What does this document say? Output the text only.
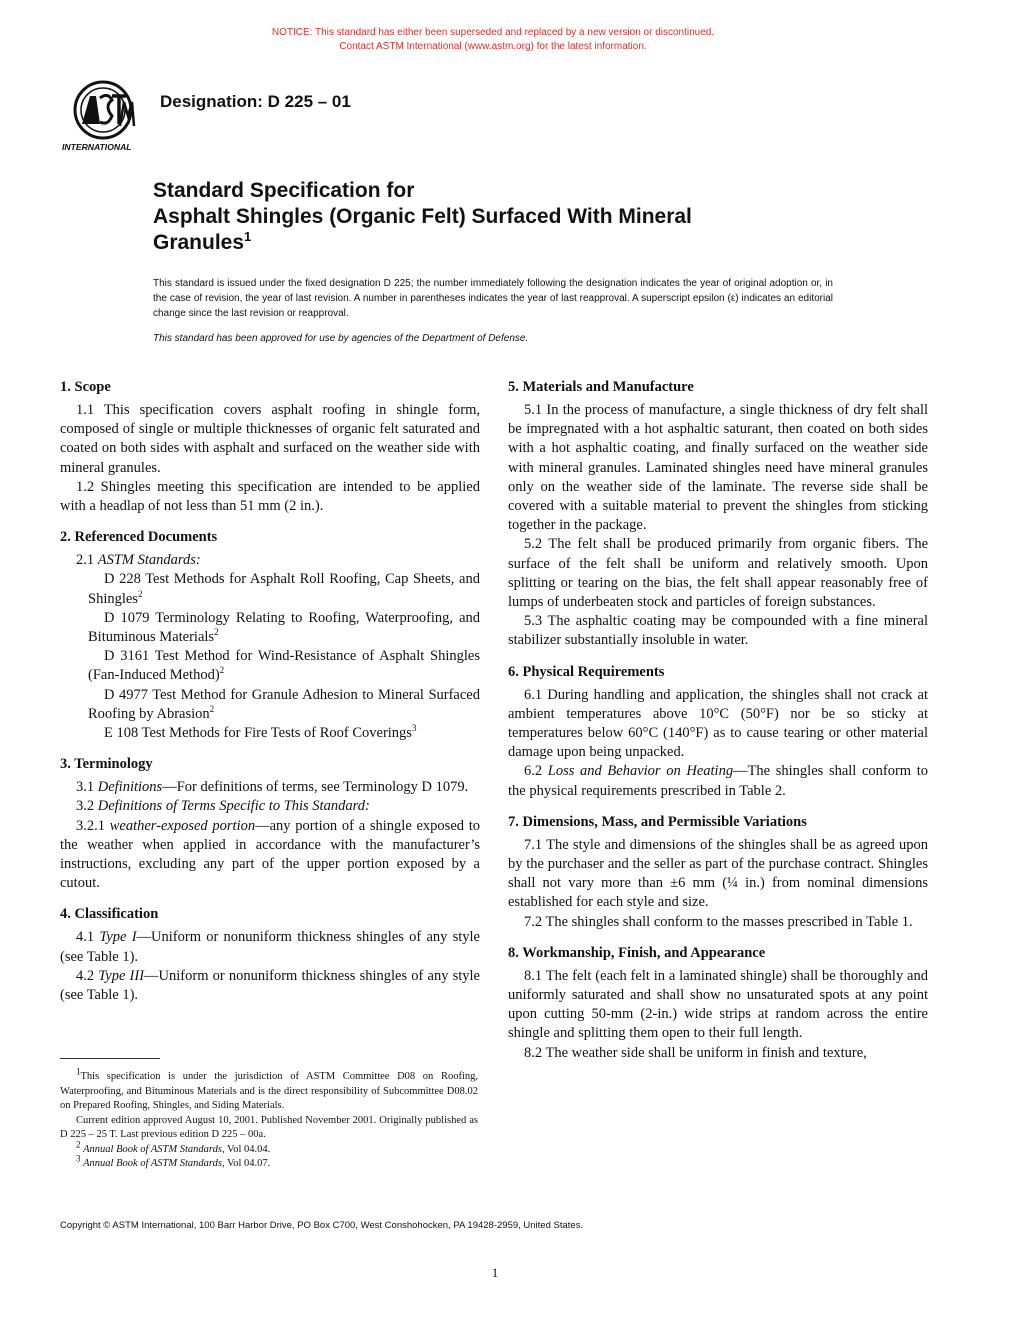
NOTICE: This standard has either been superseded and replaced by a new version or discontinued.
Contact ASTM International (www.astm.org) for the latest information.
INTERNATIONAL
Designation: D 225 – 01
Standard Specification for
Asphalt Shingles (Organic Felt) Surfaced With Mineral
Granules$^1$
This standard is issued under the fixed designation D 225; the number immediately following the designation indicates the year of original adoption or, in the case of revision, the year of last revision. A number in parentheses indicates the year of last reapproval. A superscript epsilon (ε) indicates an editorial change since the last revision or reapproval.
This standard has been approved for use by agencies of the Department of Defense.
1. Scope

1.1 This specification covers asphalt roofing in shingle form, composed of single or multiple thicknesses of organic felt saturated and coated on both sides with asphalt and surfaced on the weather side with mineral granules.

1.2 Shingles meeting this specification are intended to be applied with a headlap of not less than 51 mm (2 in.).

2. Referenced Documents

2.1 ASTM Standards:

D 228 Test Methods for Asphalt Roll Roofing, Cap Sheets, and Shingles$^2$

D 1079 Terminology Relating to Roofing, Waterproofing, and Bituminous Materials$^2$

D 3161 Test Method for Wind-Resistance of Asphalt Shingles (Fan-Induced Method)$^2$

D 4977 Test Method for Granule Adhesion to Mineral Surfaced Roofing by Abrasion$^2$

E 108 Test Methods for Fire Tests of Roof Coverings$^3$

3. Terminology

3.1 Definitions—For definitions of terms, see Terminology D 1079.

3.2 Definitions of Terms Specific to This Standard:

3.2.1 weather-exposed portion—any portion of a shingle exposed to the weather when applied in accordance with the manufacturer’s instructions, excluding any part of the upper portion exposed by a cutout.

4. Classification

4.1 Type I—Uniform or nonuniform thickness shingles of any style (see Table 1).

4.2 Type III—Uniform or nonuniform thickness shingles of any style (see Table 1).

5. Materials and Manufacture

5.1 In the process of manufacture, a single thickness of dry felt shall be impregnated with a hot asphaltic saturant, then coated on both sides with a hot asphaltic coating, and finally surfaced on the weather side with mineral granules. Laminated shingles need have mineral granules only on the weather side of the laminate. The reverse side shall be covered with a suitable material to prevent the shingles from sticking together in the package.

5.2 The felt shall be produced primarily from organic fibers. The surface of the felt shall be uniform and relatively smooth. Upon splitting or tearing on the bias, the felt shall appear reasonably free of lumps of underbeaten stock and particles of foreign substances.

5.3 The asphaltic coating may be compounded with a fine mineral stabilizer substantially insoluble in water.

6. Physical Requirements

6.1 During handling and application, the shingles shall not crack at ambient temperatures above 10°C (50°F) nor be so sticky at temperatures below 60°C (140°F) as to cause tearing or other material damage upon being unpacked.

6.2 Loss and Behavior on Heating—The shingles shall conform to the physical requirements prescribed in Table 2.

7. Dimensions, Mass, and Permissible Variations

7.1 The style and dimensions of the shingles shall be as agreed upon by the purchaser and the seller as part of the purchase contract. Shingles shall not vary more than ±6 mm (¼ in.) from nominal dimensions established for each style and size.

7.2 The shingles shall conform to the masses prescribed in Table 1.

8. Workmanship, Finish, and Appearance

8.1 The felt (each felt in a laminated shingle) shall be thoroughly and uniformly saturated and shall show no unsaturated spots at any point upon cutting 50-mm (2-in.) wide strips at random across the entire shingle and splitting them open to their full length.

8.2 The weather side shall be uniform in finish and texture,

$^1$This specification is under the jurisdiction of ASTM Committee D08 on Roofing, Waterproofing, and Bituminous Materials and is the direct responsibility of Subcommittee D08.02 on Prepared Roofing, Shingles, and Siding Materials.

Current edition approved August 10, 2001. Published November 2001. Originally published as D 225 – 25 T. Last previous edition D 225 – 00a.

$^2$ Annual Book of ASTM Standards, Vol 04.04.

$^3$ Annual Book of ASTM Standards, Vol 04.07.

Copyright © ASTM International, 100 Barr Harbor Drive, PO Box C700, West Conshohocken, PA 19428-2959, United States.
1
